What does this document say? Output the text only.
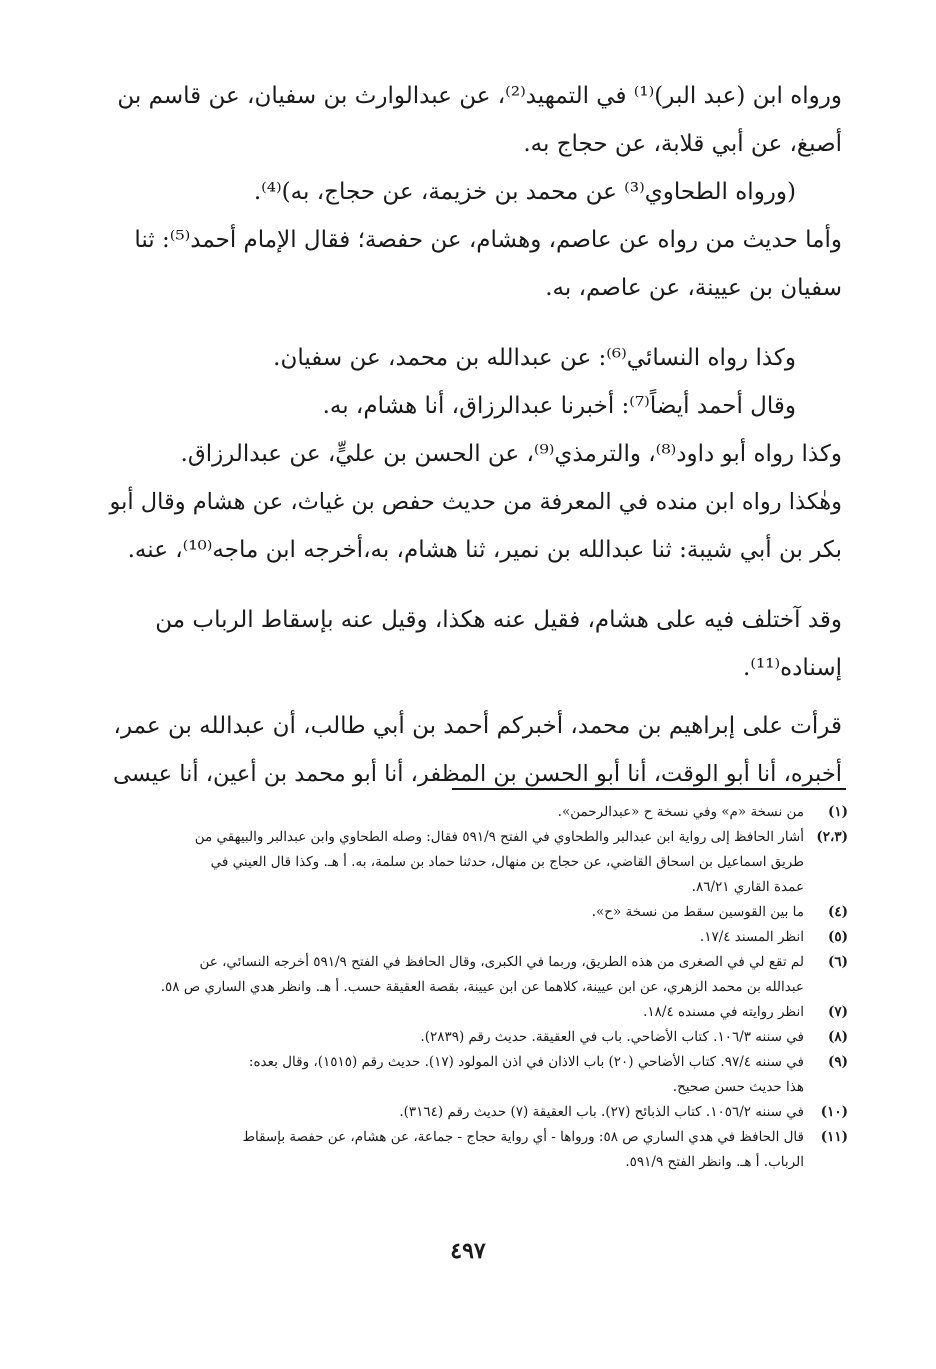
ورواه ابن (عبد البر)⁽¹⁾ في التمهيد⁽²⁾، عن عبدالوارث بن سفيان، عن قاسم بن
أصبغ، عن أبي قلابة، عن حجاج به.
(ورواه الطحاوي⁽³⁾ عن محمد بن خزيمة، عن حجاج، به)⁽⁴⁾.
وأما حديث من رواه عن عاصم، وهشام، عن حفصة؛ فقال الإمام أحمد⁽⁵⁾: ثنا
سفيان بن عيينة، عن عاصم، به.
وكذا رواه النسائي⁽⁶⁾: عن عبدالله بن محمد، عن سفيان.
وقال أحمد أيضاً⁽⁷⁾: أخبرنا عبدالرزاق، أنا هشام، به.
وكذا رواه أبو داود⁽⁸⁾، والترمذي⁽⁹⁾، عن الحسن بن عليٍّ، عن عبدالرزاق.
وهٰكذا رواه ابن منده في المعرفة من حديث حفص بن غياث، عن هشام وقال أبو
بكر بن أبي شيبة: ثنا عبدالله بن نمير، ثنا هشام، به،أخرجه ابن ماجه⁽¹⁰⁾، عنه.
وقد آختلف فيه على هشام، فقيل عنه هكذا، وقيل عنه بإسقاط الرباب من
إسناده⁽¹¹⁾.
قرأت على إبراهيم بن محمد، أخبركم أحمد بن أبي طالب، أن عبدالله بن عمر،
أخبره، أنا أبو الوقت، أنا أبو الحسن بن المظفر، أنا أبو محمد بن أعين، أنا عيسى
(١)
من نسخة «م» وفي نسخة ح «عبدالرحمن».
(٢،٣)
أشار الحافظ إلى رواية ابن عبدالبر والطحاوي في الفتح ٥٩١/٩ فقال: وصله الطحاوي وابن عبدالبر والبيهقي من
طريق اسماعيل بن اسحاق القاضي، عن حجاج بن منهال، حدثنا حماد بن سلمة، به. أ هـ. وكذا قال العيني في
عمدة القاري ٨٦/٢١.
(٤)
ما بين القوسين سقط من نسخة «ح».
(٥)
انظر المسند ١٧/٤.
(٦)
لم تقع لي في الصغرى من هذه الطريق، وربما في الكبرى، وقال الحافظ في الفتح ٥٩١/٩ أخرجه النسائي، عن
عبدالله بن محمد الزهري، عن ابن عيينة، كلاهما عن ابن عيينة، بقصة العقيقة حسب. أ هـ. وانظر هدي الساري ص ٥٨.
(٧)
انظر روايته في مسنده ١٨/٤.
(٨)
في سننه ١٠٦/٣. كتاب الأضاحي. باب في العقيقة. حديث رقم (٢٨٣٩).
(٩)
في سننه ٩٧/٤. كتاب الأضاحي (٢٠) باب الاذان في اذن المولود (١٧). حديث رقم (١٥١٥)، وقال بعده:
هذا حديث حسن صحيح.
(١٠)
في سننه ١٠٥٦/٢. كتاب الذبائح (٢٧). باب العقيقة (٧) حديث رقم (٣١٦٤).
(١١)
قال الحافظ في هدي الساري ص ٥٨: ورواها - أي رواية حجاج - جماعة، عن هشام، عن حفصة بإسقاط
الرباب. أ هـ. وانظر الفتح ٥٩١/٩.
٤٩٧
